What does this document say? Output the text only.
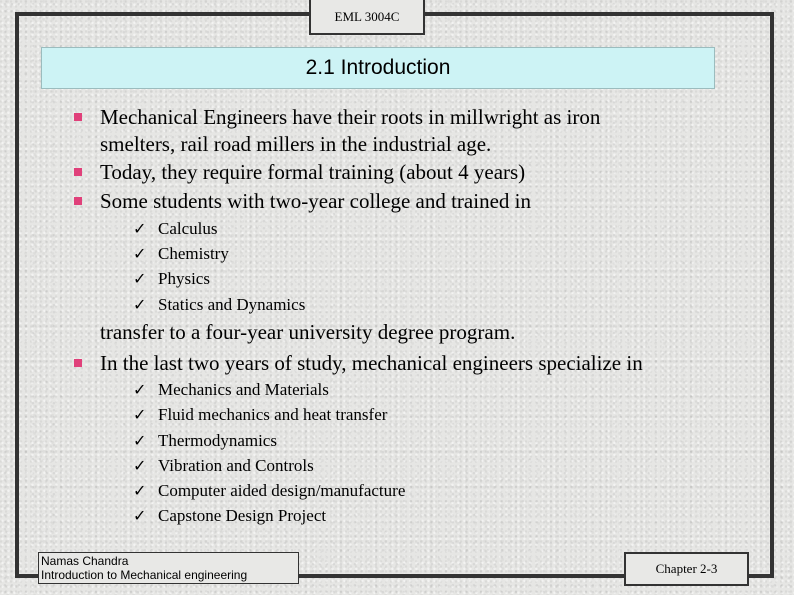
EML 3004C
2.1 Introduction
Mechanical Engineers have their roots in millwright as iron
smelters, rail road millers in the industrial age.
Today, they require formal training (about 4 years)
Some students with two-year college and trained in
✓ Calculus
✓ Chemistry
✓ Physics
✓ Statics and Dynamics
transfer to a four-year university degree program.
In the last two years of study, mechanical engineers specialize in
✓ Mechanics and Materials
✓ Fluid mechanics and heat transfer
✓ Thermodynamics
✓ Vibration and Controls
✓ Computer aided design/manufacture
✓ Capstone Design Project
Namas Chandra
Introduction to Mechanical engineering	Chapter 2-3
